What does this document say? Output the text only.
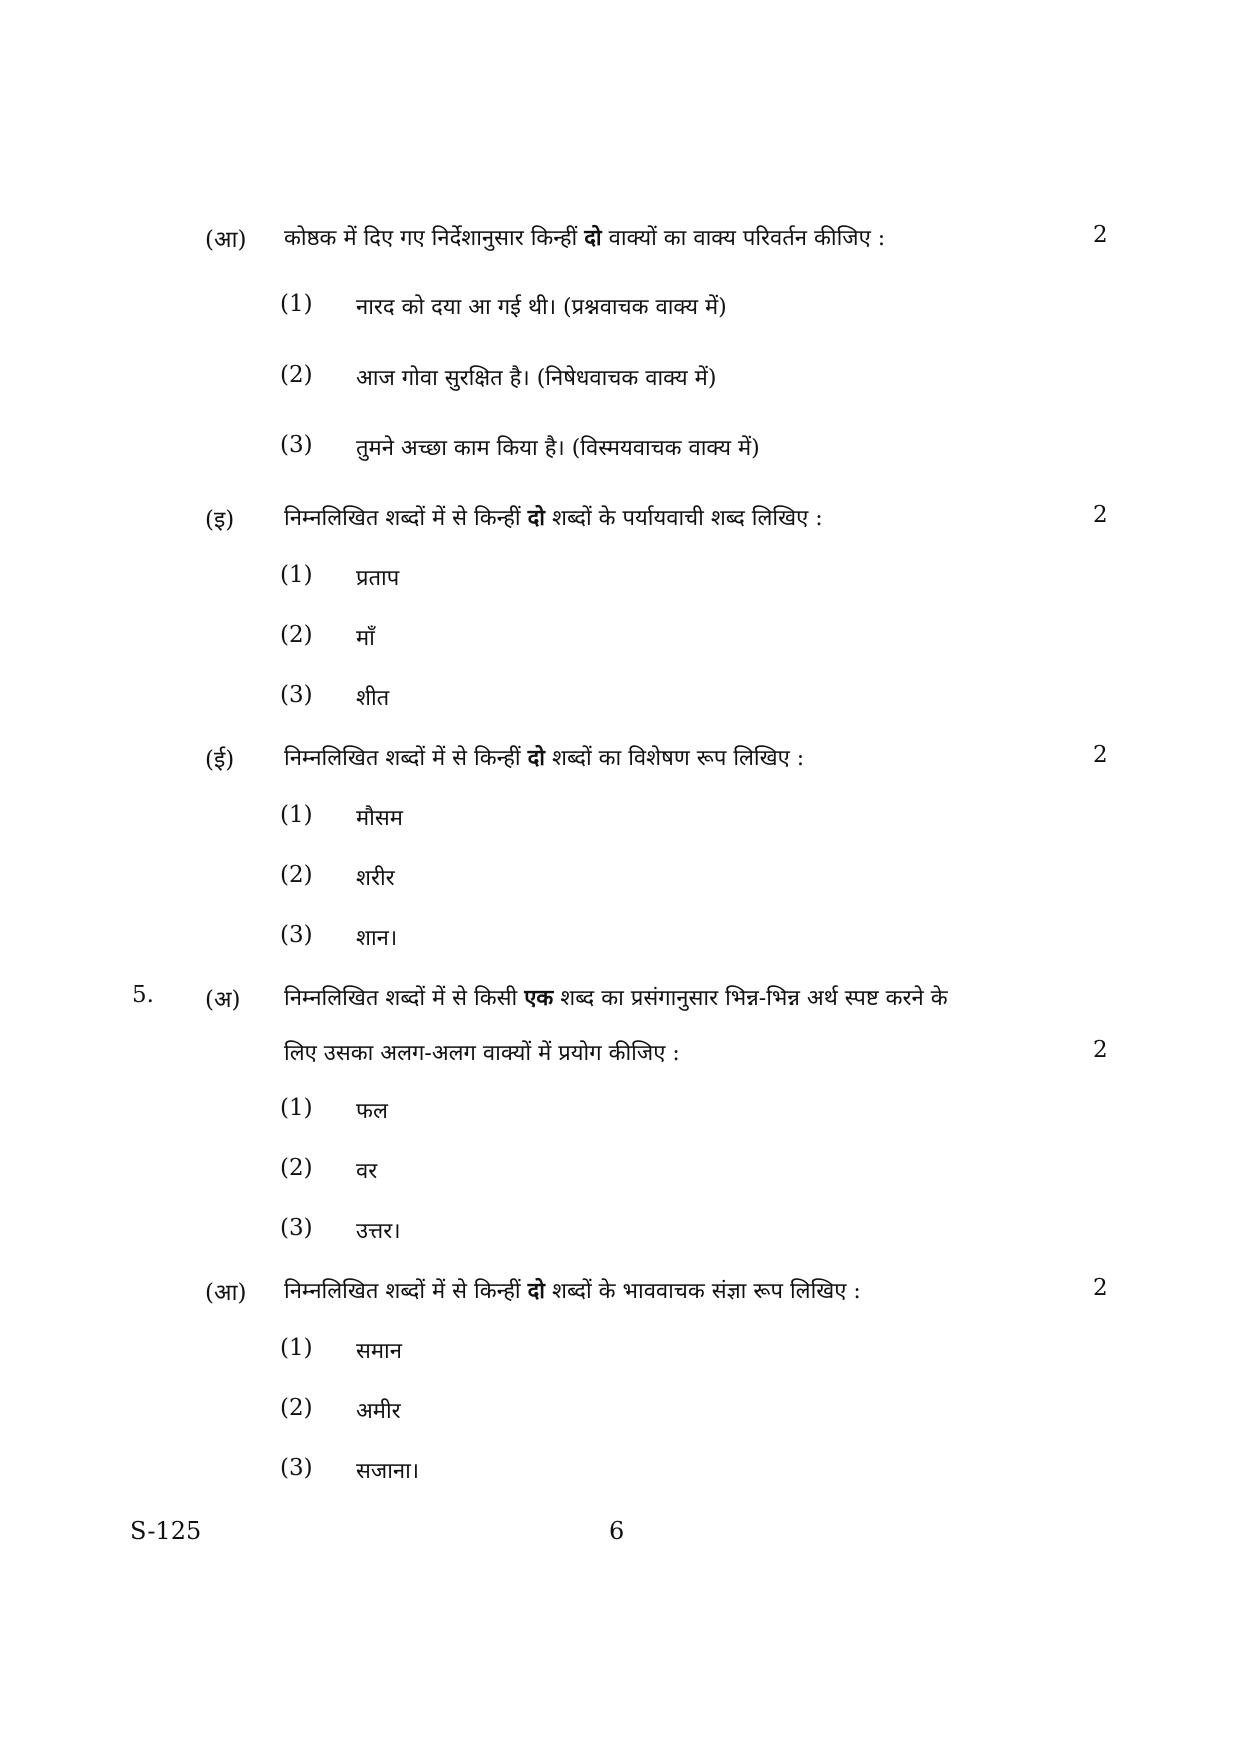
(आ) कोष्ठक में दिए गए निर्देशानुसार किन्हीं दो वाक्यों का वाक्य परिवर्तन कीजिए :	2
(1) नारद को दया आ गई थी। (प्रश्नवाचक वाक्य में)
(2) आज गोवा सुरक्षित है। (निषेधवाचक वाक्य में)
(3) तुमने अच्छा काम किया है। (विस्मयवाचक वाक्य में)
(इ) निम्नलिखित शब्दों में से किन्हीं दो शब्दों के पर्यायवाची शब्द लिखिए :	2
(1) प्रताप
(2) माँ
(3) शीत
(ई) निम्नलिखित शब्दों में से किन्हीं दो शब्दों का विशेषण रूप लिखिए :	2
(1) मौसम
(2) शरीर
(3) शान।
5. (अ) निम्नलिखित शब्दों में से किसी एक शब्द का प्रसंगानुसार भिन्न-भिन्न अर्थ स्पष्ट करने के
लिए उसका अलग-अलग वाक्यों में प्रयोग कीजिए :	2
(1) फल
(2) वर
(3) उत्तर।
(आ) निम्नलिखित शब्दों में से किन्हीं दो शब्दों के भाववाचक संज्ञा रूप लिखिए :	2
(1) समान
(2) अमीर
(3) सजाना।
S-125	6
